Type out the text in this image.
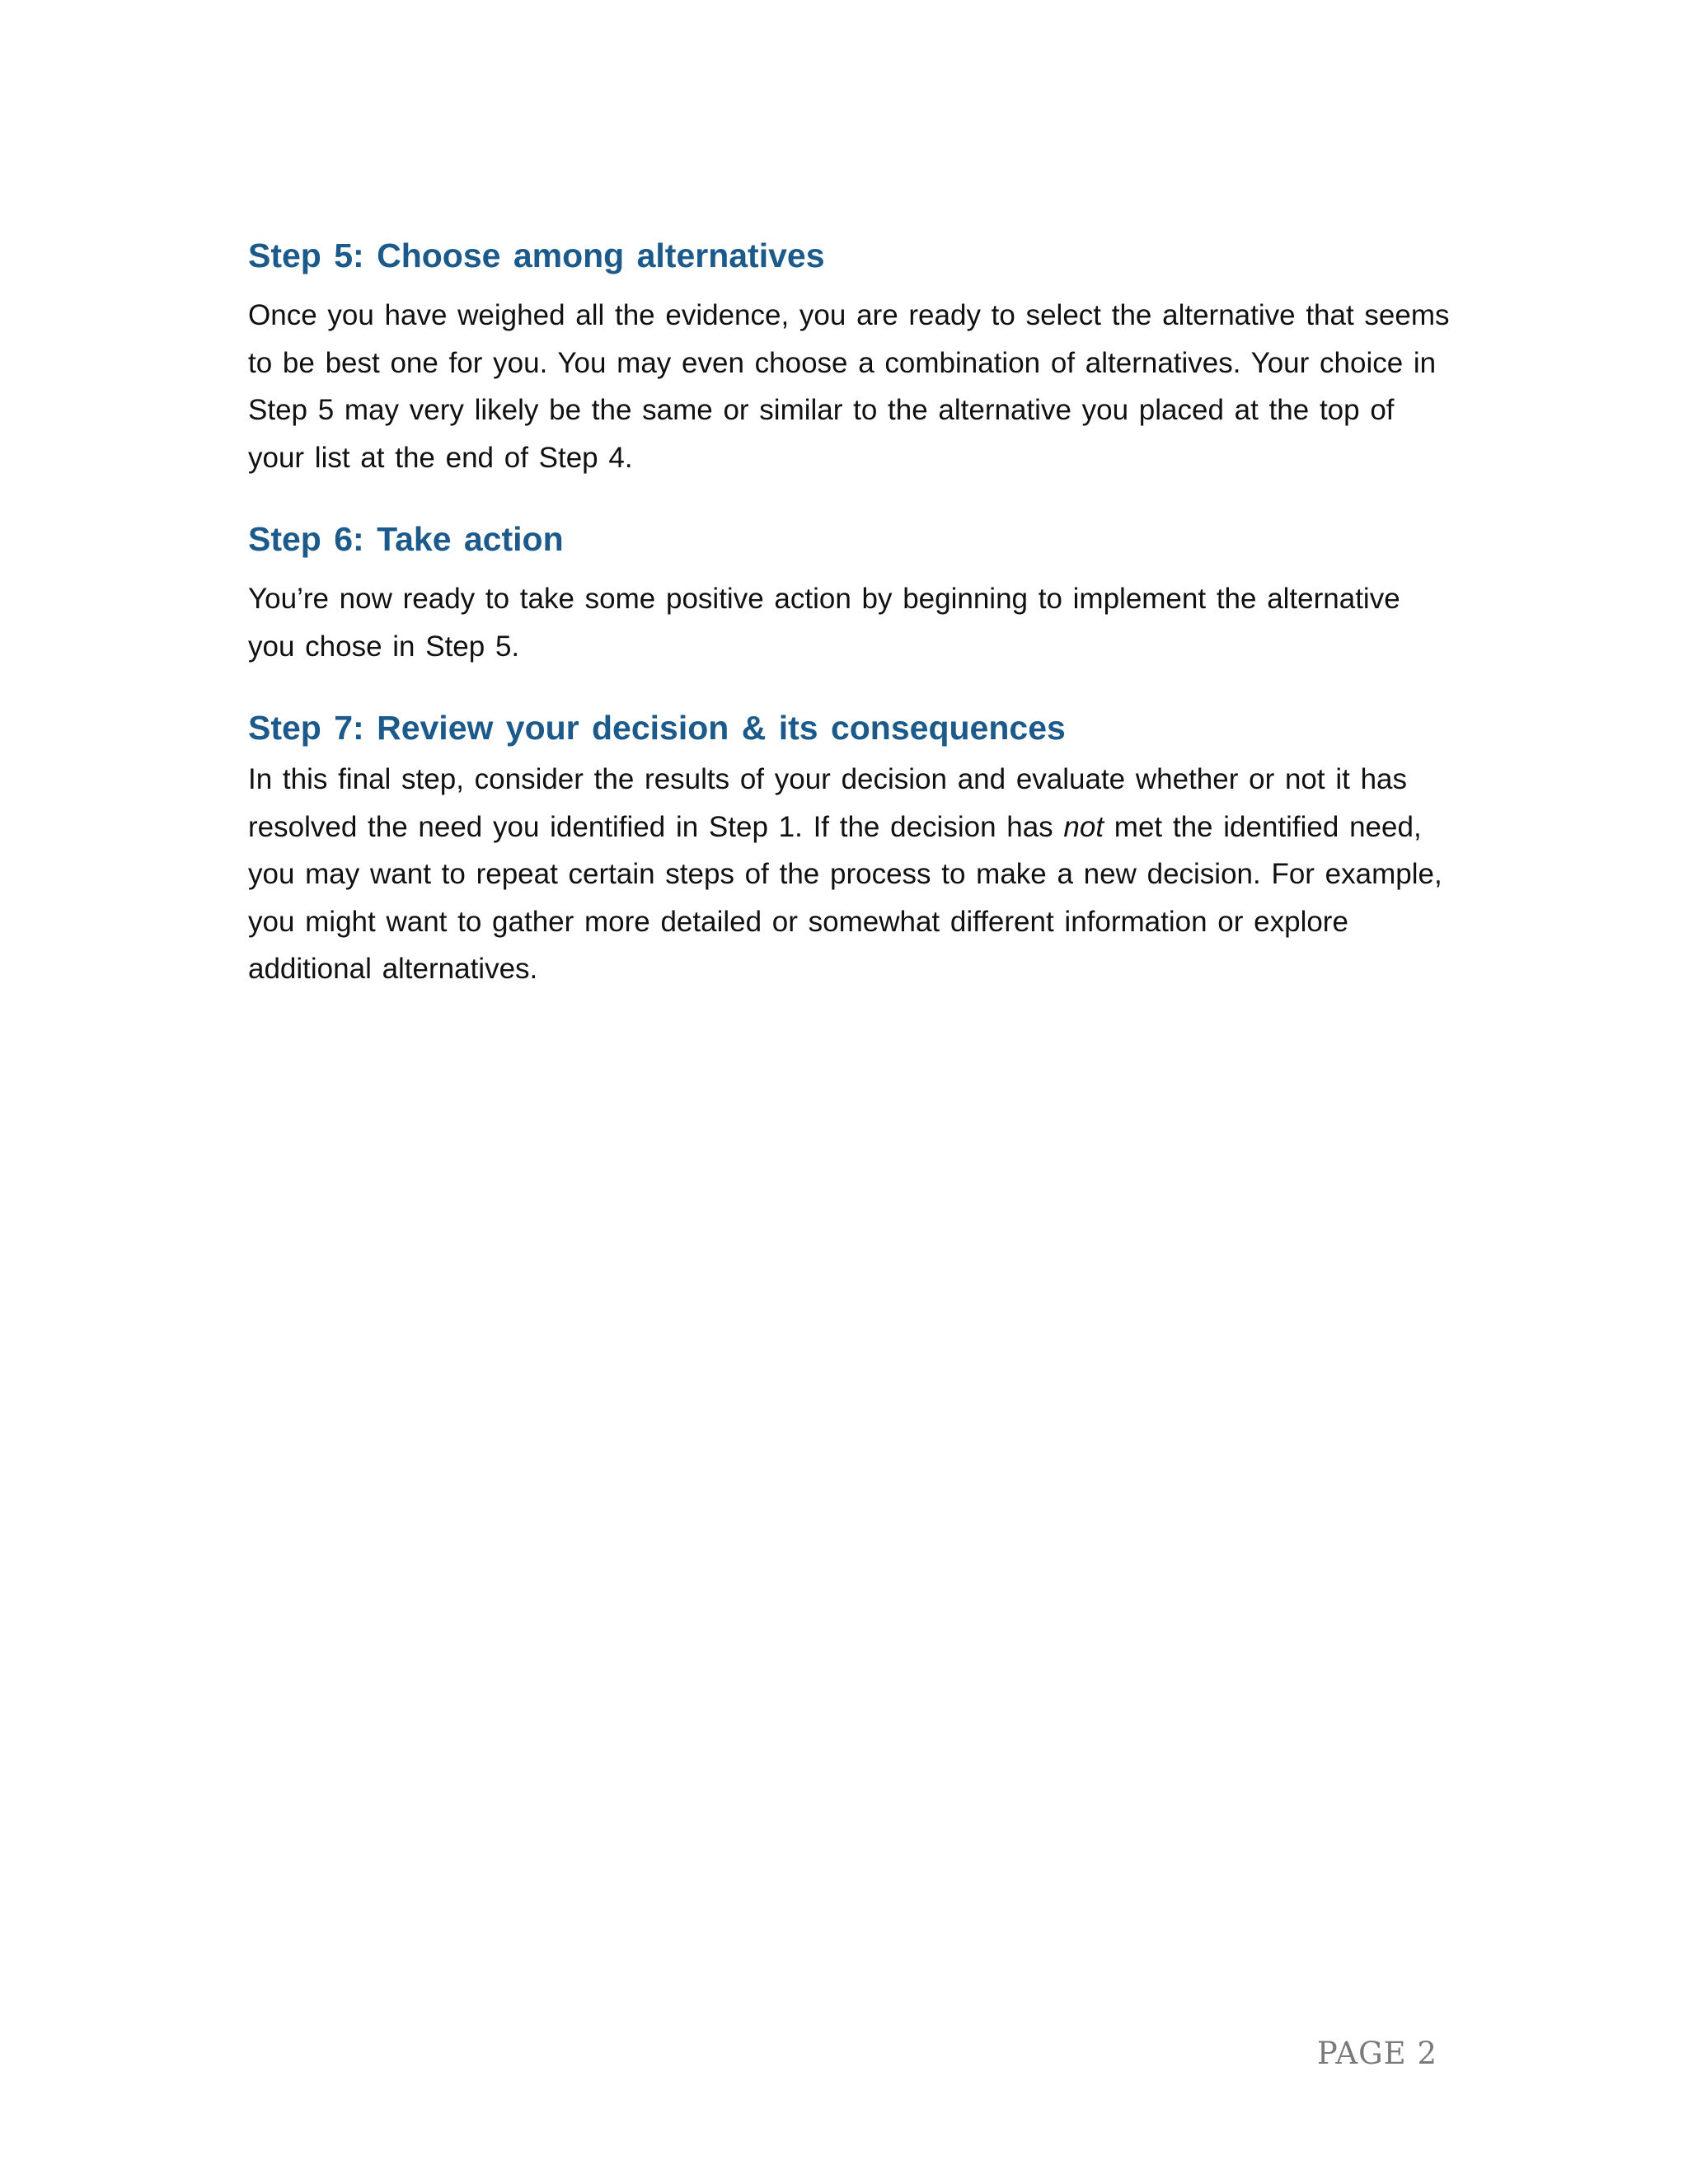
Step 5: Choose among alternatives

Once you have weighed all the evidence, you are ready to select the alternative that seems to be best one for you. You may even choose a combination of alternatives. Your choice in Step 5 may very likely be the same or similar to the alternative you placed at the top of your list at the end of Step 4.

Step 6: Take action

You’re now ready to take some positive action by beginning to implement the alternative you chose in Step 5.

Step 7: Review your decision & its consequences

In this final step, consider the results of your decision and evaluate whether or not it has resolved the need you identified in Step 1. If the decision has not met the identified need, you may want to repeat certain steps of the process to make a new decision. For example, you might want to gather more detailed or somewhat different information or explore additional alternatives.

PAGE 2
